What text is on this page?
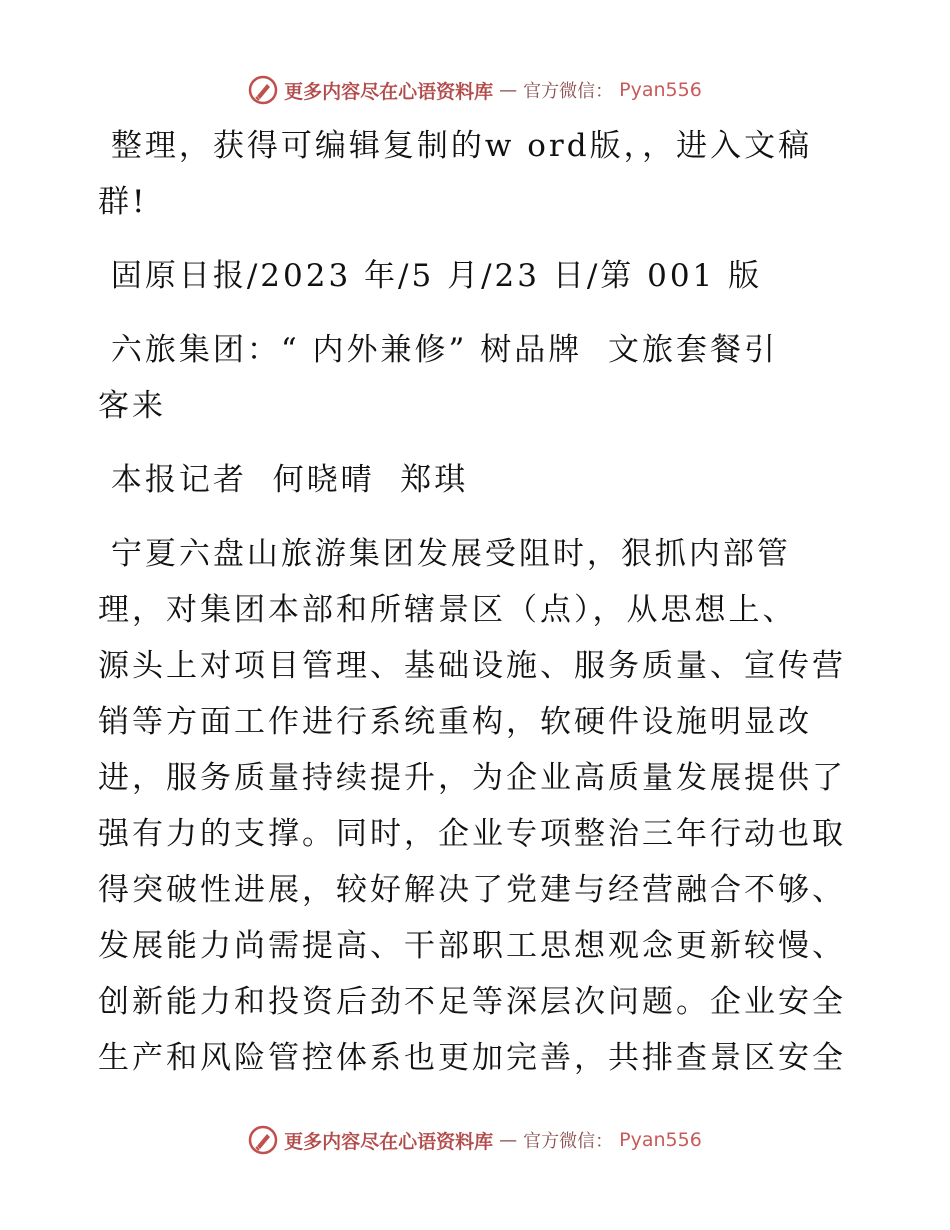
更多内容尽在心语资料库 — 官方微信： Pyan556

整理，获得可编辑复制的w ord版，，进入文稿

群!

固原日报/2023 年/5 月/23 日/第 001 版

六旅集团：“ 内外兼修” 树品牌  文旅套餐引

客来

本报记者  何晓晴  郑琪

宁夏六盘山旅游集团发展受阻时，狠抓内部管

理，对集团本部和所辖景区（点），从思想上、

源头上对项目管理、基础设施、服务质量、宣传营

销等方面工作进行系统重构，软硬件设施明显改

进，服务质量持续提升，为企业高质量发展提供了

强有力的支撑。同时，企业专项整治三年行动也取

得突破性进展，较好解决了党建与经营融合不够、

发展能力尚需提高、干部职工思想观念更新较慢、

创新能力和投资后劲不足等深层次问题。企业安全

生产和风险管控体系也更加完善，共排查景区安全

更多内容尽在心语资料库 — 官方微信： Pyan556
